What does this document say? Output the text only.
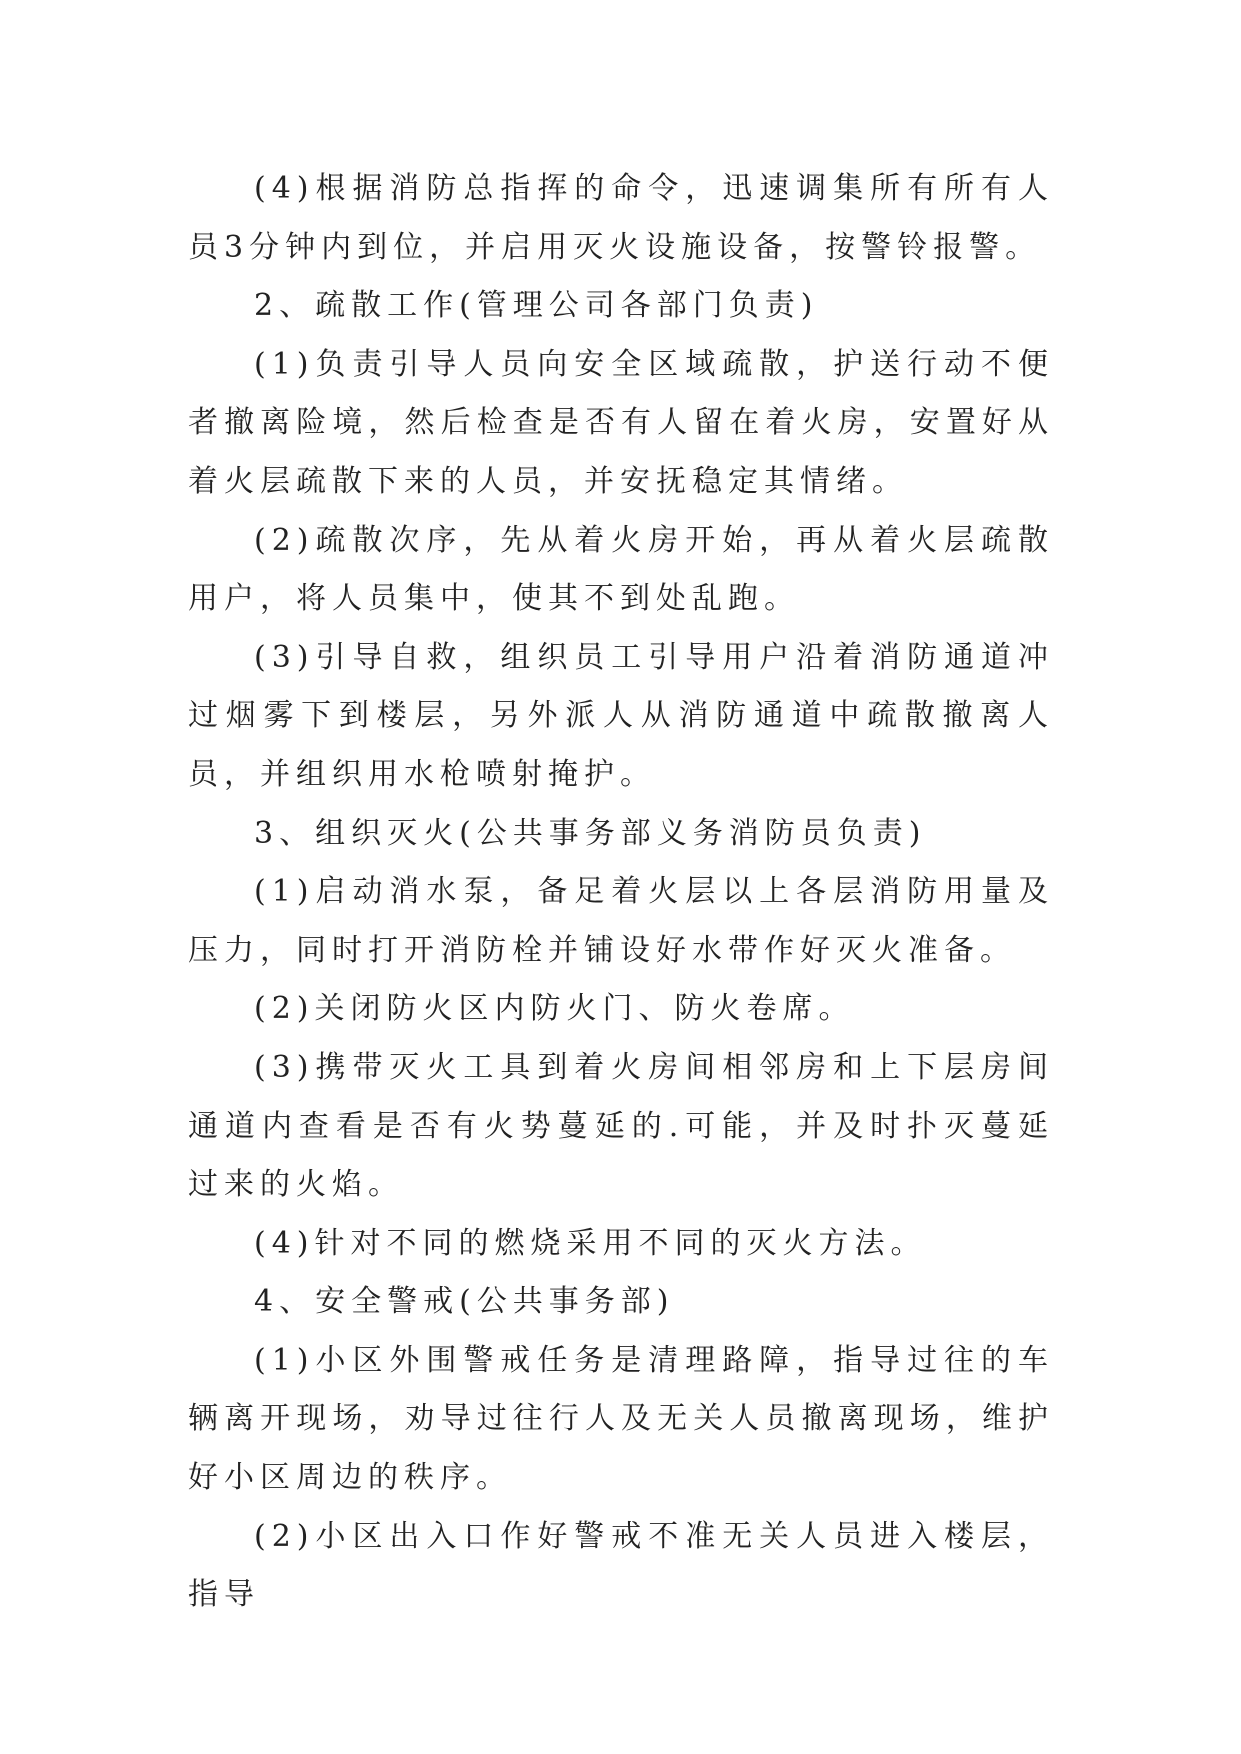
(4)根据消防总指挥的命令，迅速调集所有所有人员3分钟内到位，并启用灭火设施设备，按警铃报警。

2、疏散工作(管理公司各部门负责)

(1)负责引导人员向安全区域疏散，护送行动不便者撤离险境，然后检查是否有人留在着火房，安置好从着火层疏散下来的人员，并安抚稳定其情绪。

(2)疏散次序，先从着火房开始，再从着火层疏散用户，将人员集中，使其不到处乱跑。

(3)引导自救，组织员工引导用户沿着消防通道冲过烟雾下到楼层，另外派人从消防通道中疏散撤离人员，并组织用水枪喷射掩护。

3、组织灭火(公共事务部义务消防员负责)

(1)启动消水泵，备足着火层以上各层消防用量及压力，同时打开消防栓并铺设好水带作好灭火准备。

(2)关闭防火区内防火门、防火卷席。

(3)携带灭火工具到着火房间相邻房和上下层房间通道内查看是否有火势蔓延的.可能，并及时扑灭蔓延过来的火焰。

(4)针对不同的燃烧采用不同的灭火方法。

4、安全警戒(公共事务部)

(1)小区外围警戒任务是清理路障，指导过往的车辆离开现场，劝导过往行人及无关人员撤离现场，维护好小区周边的秩序。

(2)小区出入口作好警戒不准无关人员进入楼层，指导
